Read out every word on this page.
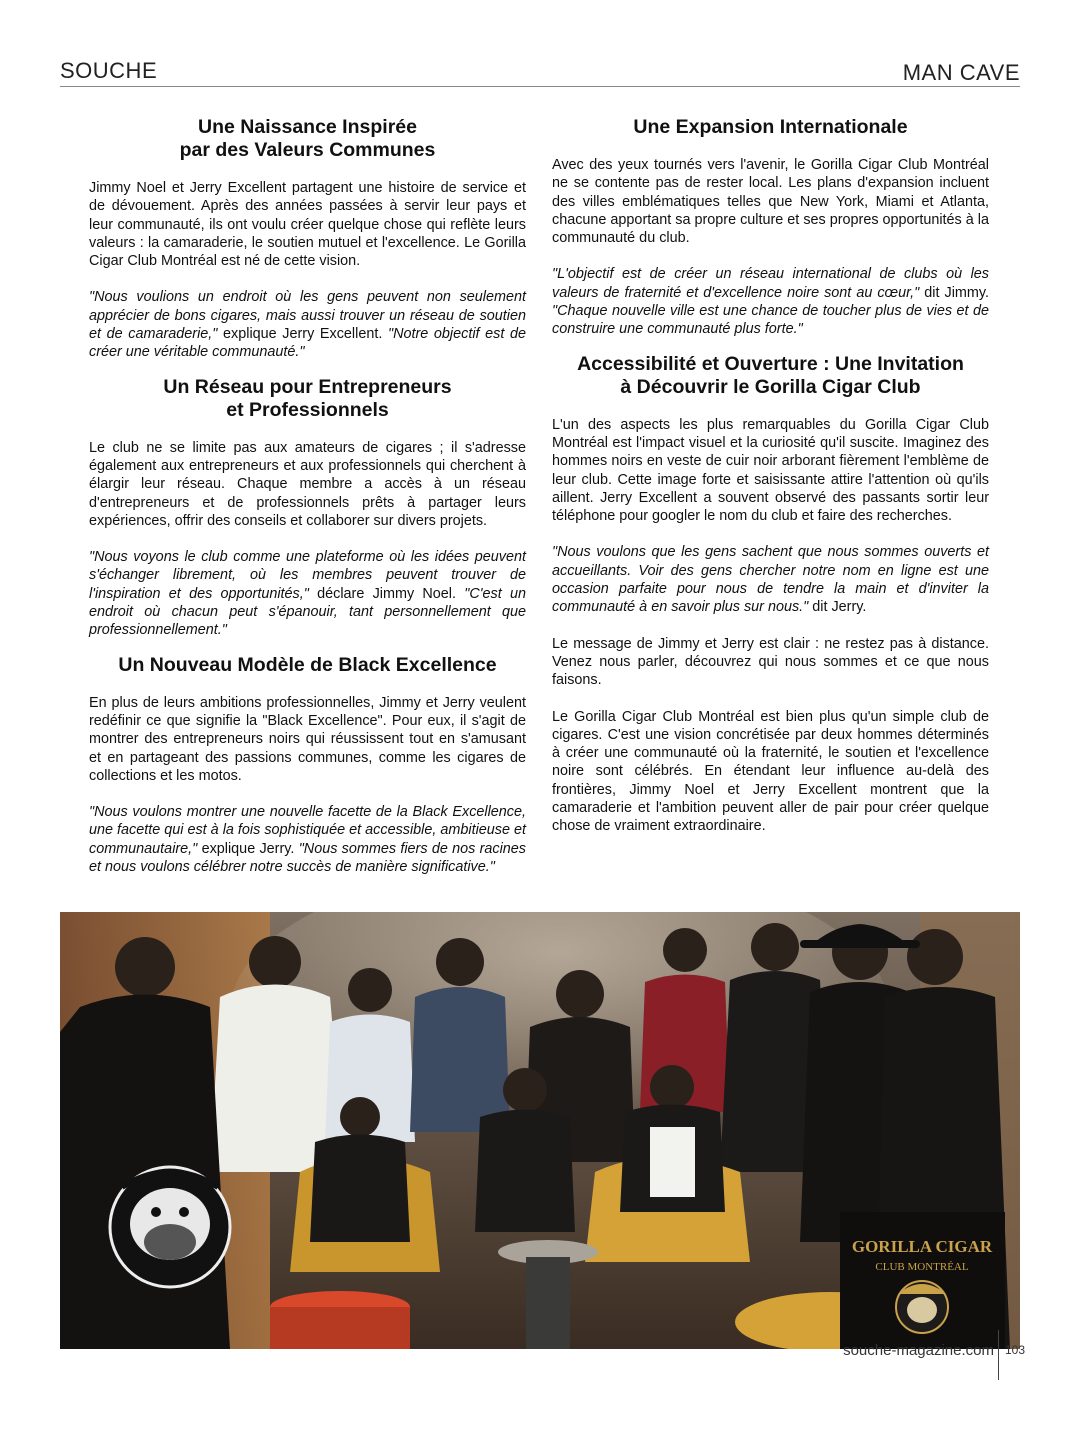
SOUCHE	MAN CAVE
Une Naissance Inspirée
par des Valeurs Communes

Jimmy Noel et Jerry Excellent partagent une histoire de service et de dévouement. Après des années passées à servir leur pays et leur communauté, ils ont voulu créer quelque chose qui reflète leurs valeurs : la camaraderie, le soutien mutuel et l'excellence. Le Gorilla Cigar Club Montréal est né de cette vision.

"Nous voulions un endroit où les gens peuvent non seulement apprécier de bons cigares, mais aussi trouver un réseau de soutien et de camaraderie," explique Jerry Excellent. "Notre objectif est de créer une véritable communauté."

Un Réseau pour Entrepreneurs
et Professionnels

Le club ne se limite pas aux amateurs de cigares ; il s'adresse également aux entrepreneurs et aux professionnels qui cherchent à élargir leur réseau. Chaque membre a accès à un réseau d'entrepreneurs et de professionnels prêts à partager leurs expériences, offrir des conseils et collaborer sur divers projets.

"Nous voyons le club comme une plateforme où les idées peuvent s'échanger librement, où les membres peuvent trouver de l'inspiration et des opportunités," déclare Jimmy Noel. "C'est un endroit où chacun peut s'épanouir, tant personnellement que professionnellement."

Un Nouveau Modèle de Black Excellence

En plus de leurs ambitions professionnelles, Jimmy et Jerry veulent redéfinir ce que signifie la "Black Excellence". Pour eux, il s'agit de montrer des entrepreneurs noirs qui réussissent tout en s'amusant et en partageant des passions communes, comme les cigares de collections et les motos.

"Nous voulons montrer une nouvelle facette de la Black Excellence, une facette qui est à la fois sophistiquée et accessible, ambitieuse et communautaire," explique Jerry. "Nous sommes fiers de nos racines et nous voulons célébrer notre succès de manière significative."

Une Expansion Internationale

Avec des yeux tournés vers l'avenir, le Gorilla Cigar Club Montréal ne se contente pas de rester local. Les plans d'expansion incluent des villes emblématiques telles que New York, Miami et Atlanta, chacune apportant sa propre culture et ses propres opportunités à la communauté du club.

"L'objectif est de créer un réseau international de clubs où les valeurs de fraternité et d'excellence noire sont au cœur," dit Jimmy. "Chaque nouvelle ville est une chance de toucher plus de vies et de construire une communauté plus forte."

Accessibilité et Ouverture : Une Invitation
à Découvrir le Gorilla Cigar Club

L'un des aspects les plus remarquables du Gorilla Cigar Club Montréal est l'impact visuel et la curiosité qu'il suscite. Imaginez des hommes noirs en veste de cuir noir arborant fièrement l'emblème de leur club. Cette image forte et saisissante attire l'attention où qu'ils aillent. Jerry Excellent a souvent observé des passants sortir leur téléphone pour googler le nom du club et faire des recherches.

"Nous voulons que les gens sachent que nous sommes ouverts et accueillants. Voir des gens chercher notre nom en ligne est une occasion parfaite pour nous de tendre la main et d'inviter la communauté à en savoir plus sur nous." dit Jerry.

Le message de Jimmy et Jerry est clair : ne restez pas à distance. Venez nous parler, découvrez qui nous sommes et ce que nous faisons.

Le Gorilla Cigar Club Montréal est bien plus qu'un simple club de cigares. C'est une vision concrétisée par deux hommes déterminés à créer une communauté où la fraternité, le soutien et l'excellence noire sont célébrés. En étendant leur influence au-delà des frontières, Jimmy Noel et Jerry Excellent montrent que la camaraderie et l'ambition peuvent aller de pair pour créer quelque chose de vraiment extraordinaire.

GORILLA CIGAR
CLUB MONTRÉAL
souche-magazine.com 103
